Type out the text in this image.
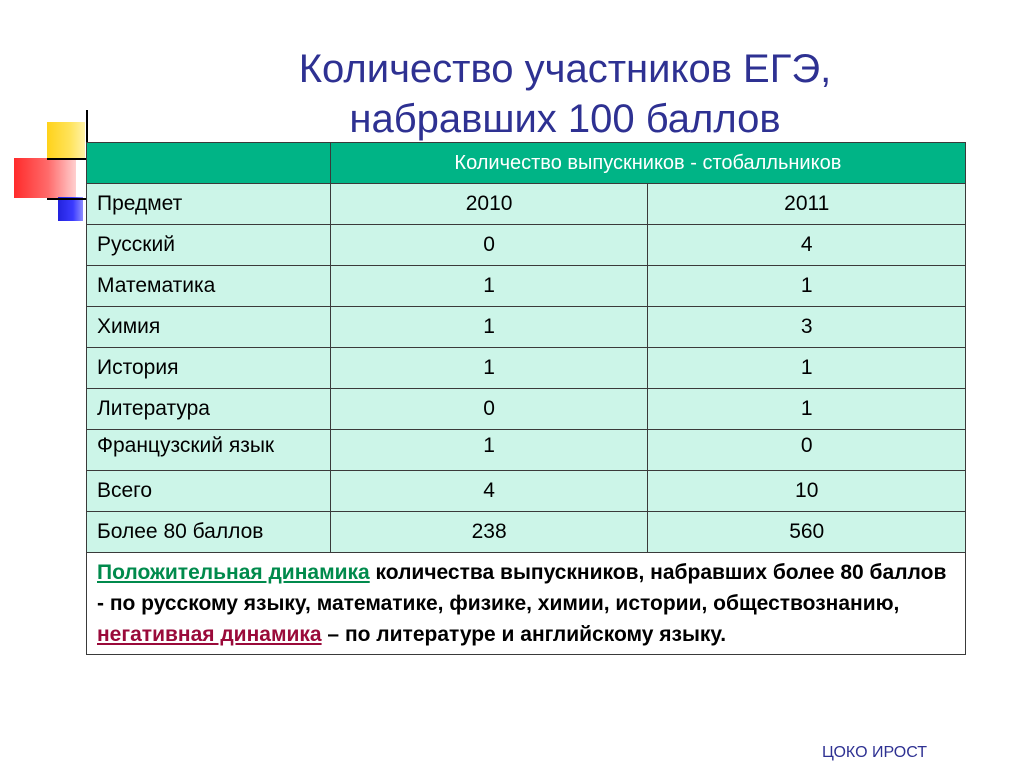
Количество участников ЕГЭ,
набравших 100 баллов
	Количество выпускников - стобалльников	
Предмет	2010	2011
Русский	0	4
Математика	1	1
Химия	1	3
История	1	1
Литература	0	1
Французский язык	1	0
Всего	4	10
Более 80 баллов	238	560
Положительная динамика количества выпускников, набравших более 80 баллов - по русскому языку, математике, физике, химии, истории, обществознанию,
негативная динамика – по литературе и английскому языку.		
ЦОКО ИРОСТ
